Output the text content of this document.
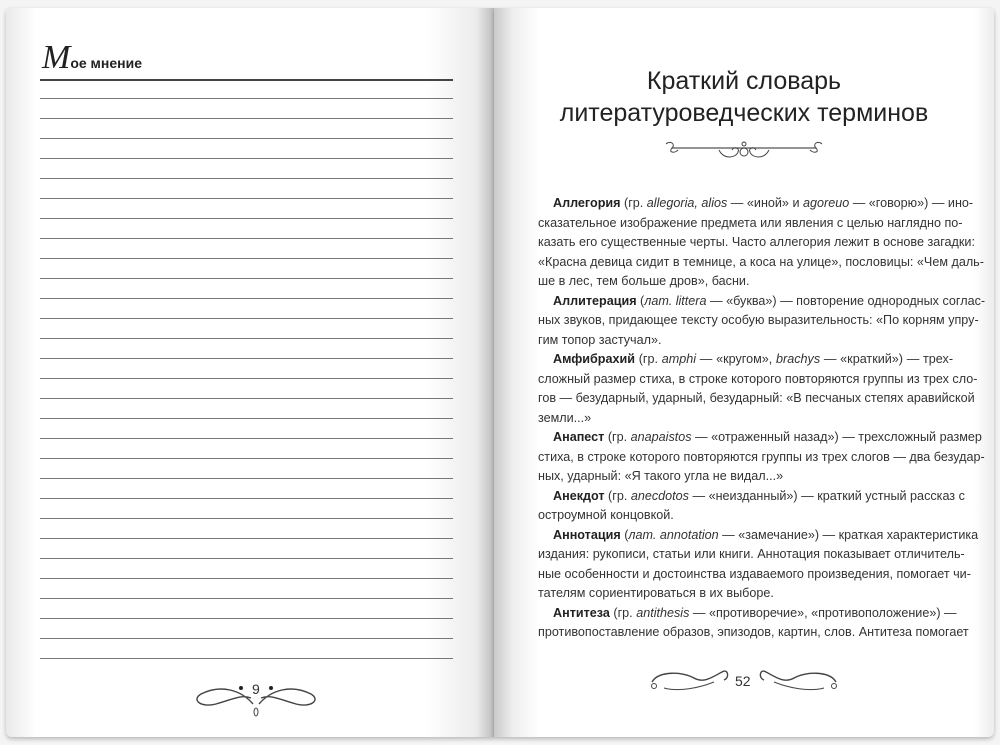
Мое мнение
9
Краткий словарь
литературоведческих терминов
Аллегория (гр. allegoria, alios — «иной» и agoreuo — «говорю») — ино-
сказательное изображение предмета или явления с целью наглядно по-
казать его существенные черты. Часто аллегория лежит в основе загадки:
«Красна девица сидит в темнице, а коса на улице», пословицы: «Чем даль-
ше в лес, тем больше дров», басни.
Аллитерация (лат. littera — «буква») — повторение однородных соглас-
ных звуков, придающее тексту особую выразительность: «По корням упру-
гим топор застучал».
Амфибрахий (гр. amphi — «кругом», brachys — «краткий») — трех-
сложный размер стиха, в строке которого повторяются группы из трех сло-
гов — безударный, ударный, безударный: «В песчаных степях аравийской
земли...»
Анапест (гр. anapaistos — «отраженный назад») — трехсложный размер
стиха, в строке которого повторяются группы из трех слогов — два безудар-
ных, ударный: «Я такого угла не видал...»
Анекдот (гр. anecdotos — «неизданный») — краткий устный рассказ с
остроумной концовкой.
Аннотация (лат. annotation — «замечание») — краткая характеристика
издания: рукописи, статьи или книги. Аннотация показывает отличитель-
ные особенности и достоинства издаваемого произведения, помогает чи-
тателям сориентироваться в их выборе.
Антитеза (гр. antithesis — «противоречие», «противоположение») —
противопоставление образов, эпизодов, картин, слов. Антитеза помогает
52
